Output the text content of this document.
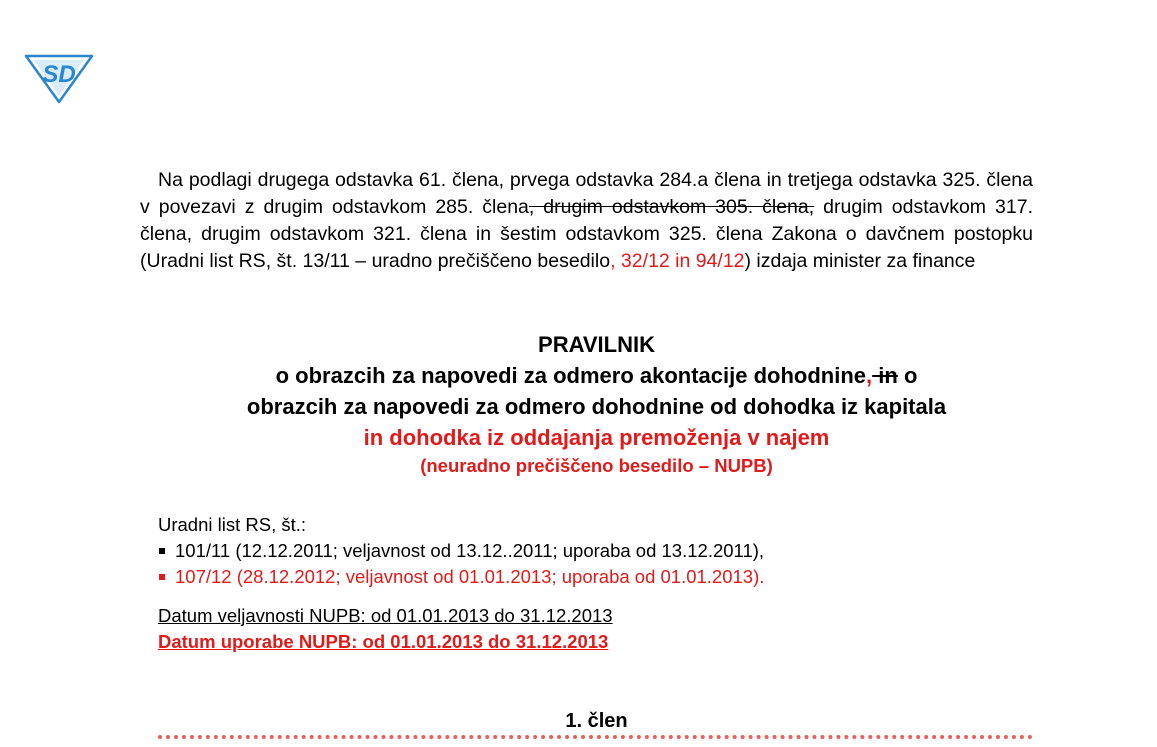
SD
Na podlagi drugega odstavka 61. člena, prvega odstavka 284.a člena in tretjega odstavka 325. člena v povezavi z drugim odstavkom 285. člena, drugim odstavkom 305. člena, drugim odstavkom 317. člena, drugim odstavkom 321. člena in šestim odstavkom 325. člena Zakona o davčnem postopku (Uradni list RS, št. 13/11 – uradno prečiščeno besedilo, 32/12 in 94/12) izdaja minister za finance
PRAVILNIK
o obrazcih za napovedi za odmero akontacije dohodnine, in o
obrazcih za napovedi za odmero dohodnine od dohodka iz kapitala
in dohodka iz oddajanja premoženja v najem
(neuradno prečiščeno besedilo – NUPB)
Uradni list RS, št.:
101/11 (12.12.2011; veljavnost od 13.12..2011; uporaba od 13.12.2011),
107/12 (28.12.2012; veljavnost od 01.01.2013; uporaba od 01.01.2013).
Datum veljavnosti NUPB: od 01.01.2013 do 31.12.2013
Datum uporabe NUPB: od 01.01.2013 do 31.12.2013
1. člen
